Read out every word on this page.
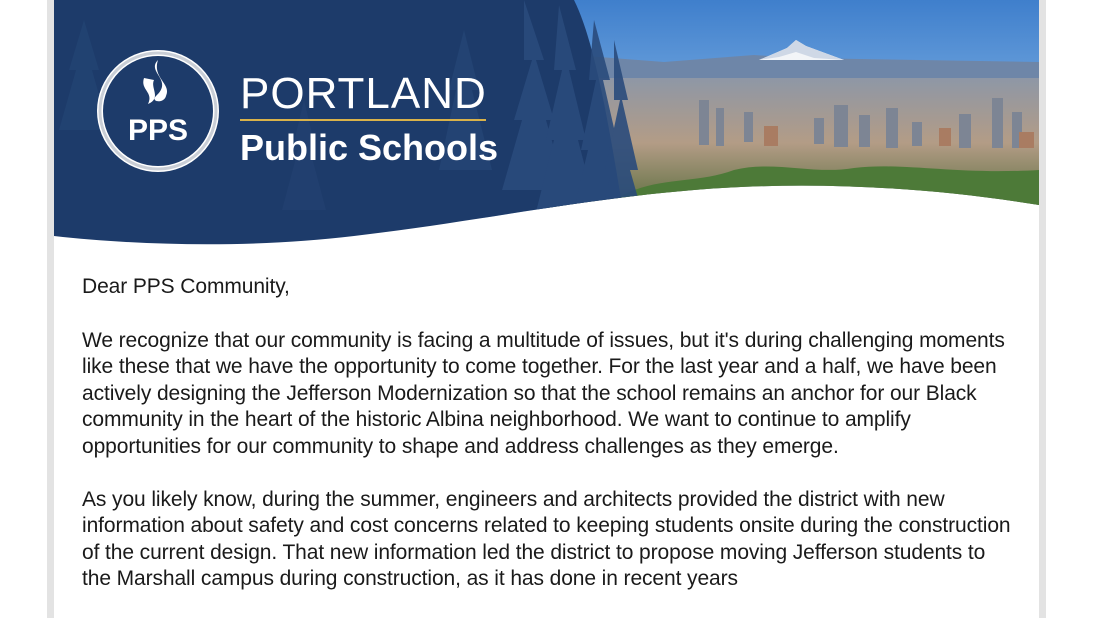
PPS
PORTLAND
Public Schools

Dear PPS Community,

We recognize that our community is facing a multitude of issues, but it's during challenging moments like these that we have the opportunity to come together. For the last year and a half, we have been actively designing the Jefferson Modernization so that the school remains an anchor for our Black community in the heart of the historic Albina neighborhood. We want to continue to amplify opportunities for our community to shape and address challenges as they emerge.

As you likely know, during the summer, engineers and architects provided the district with new information about safety and cost concerns related to keeping students onsite during the construction of the current design. That new information led the district to propose moving Jefferson students to the Marshall campus during construction, as it has done in recent years
